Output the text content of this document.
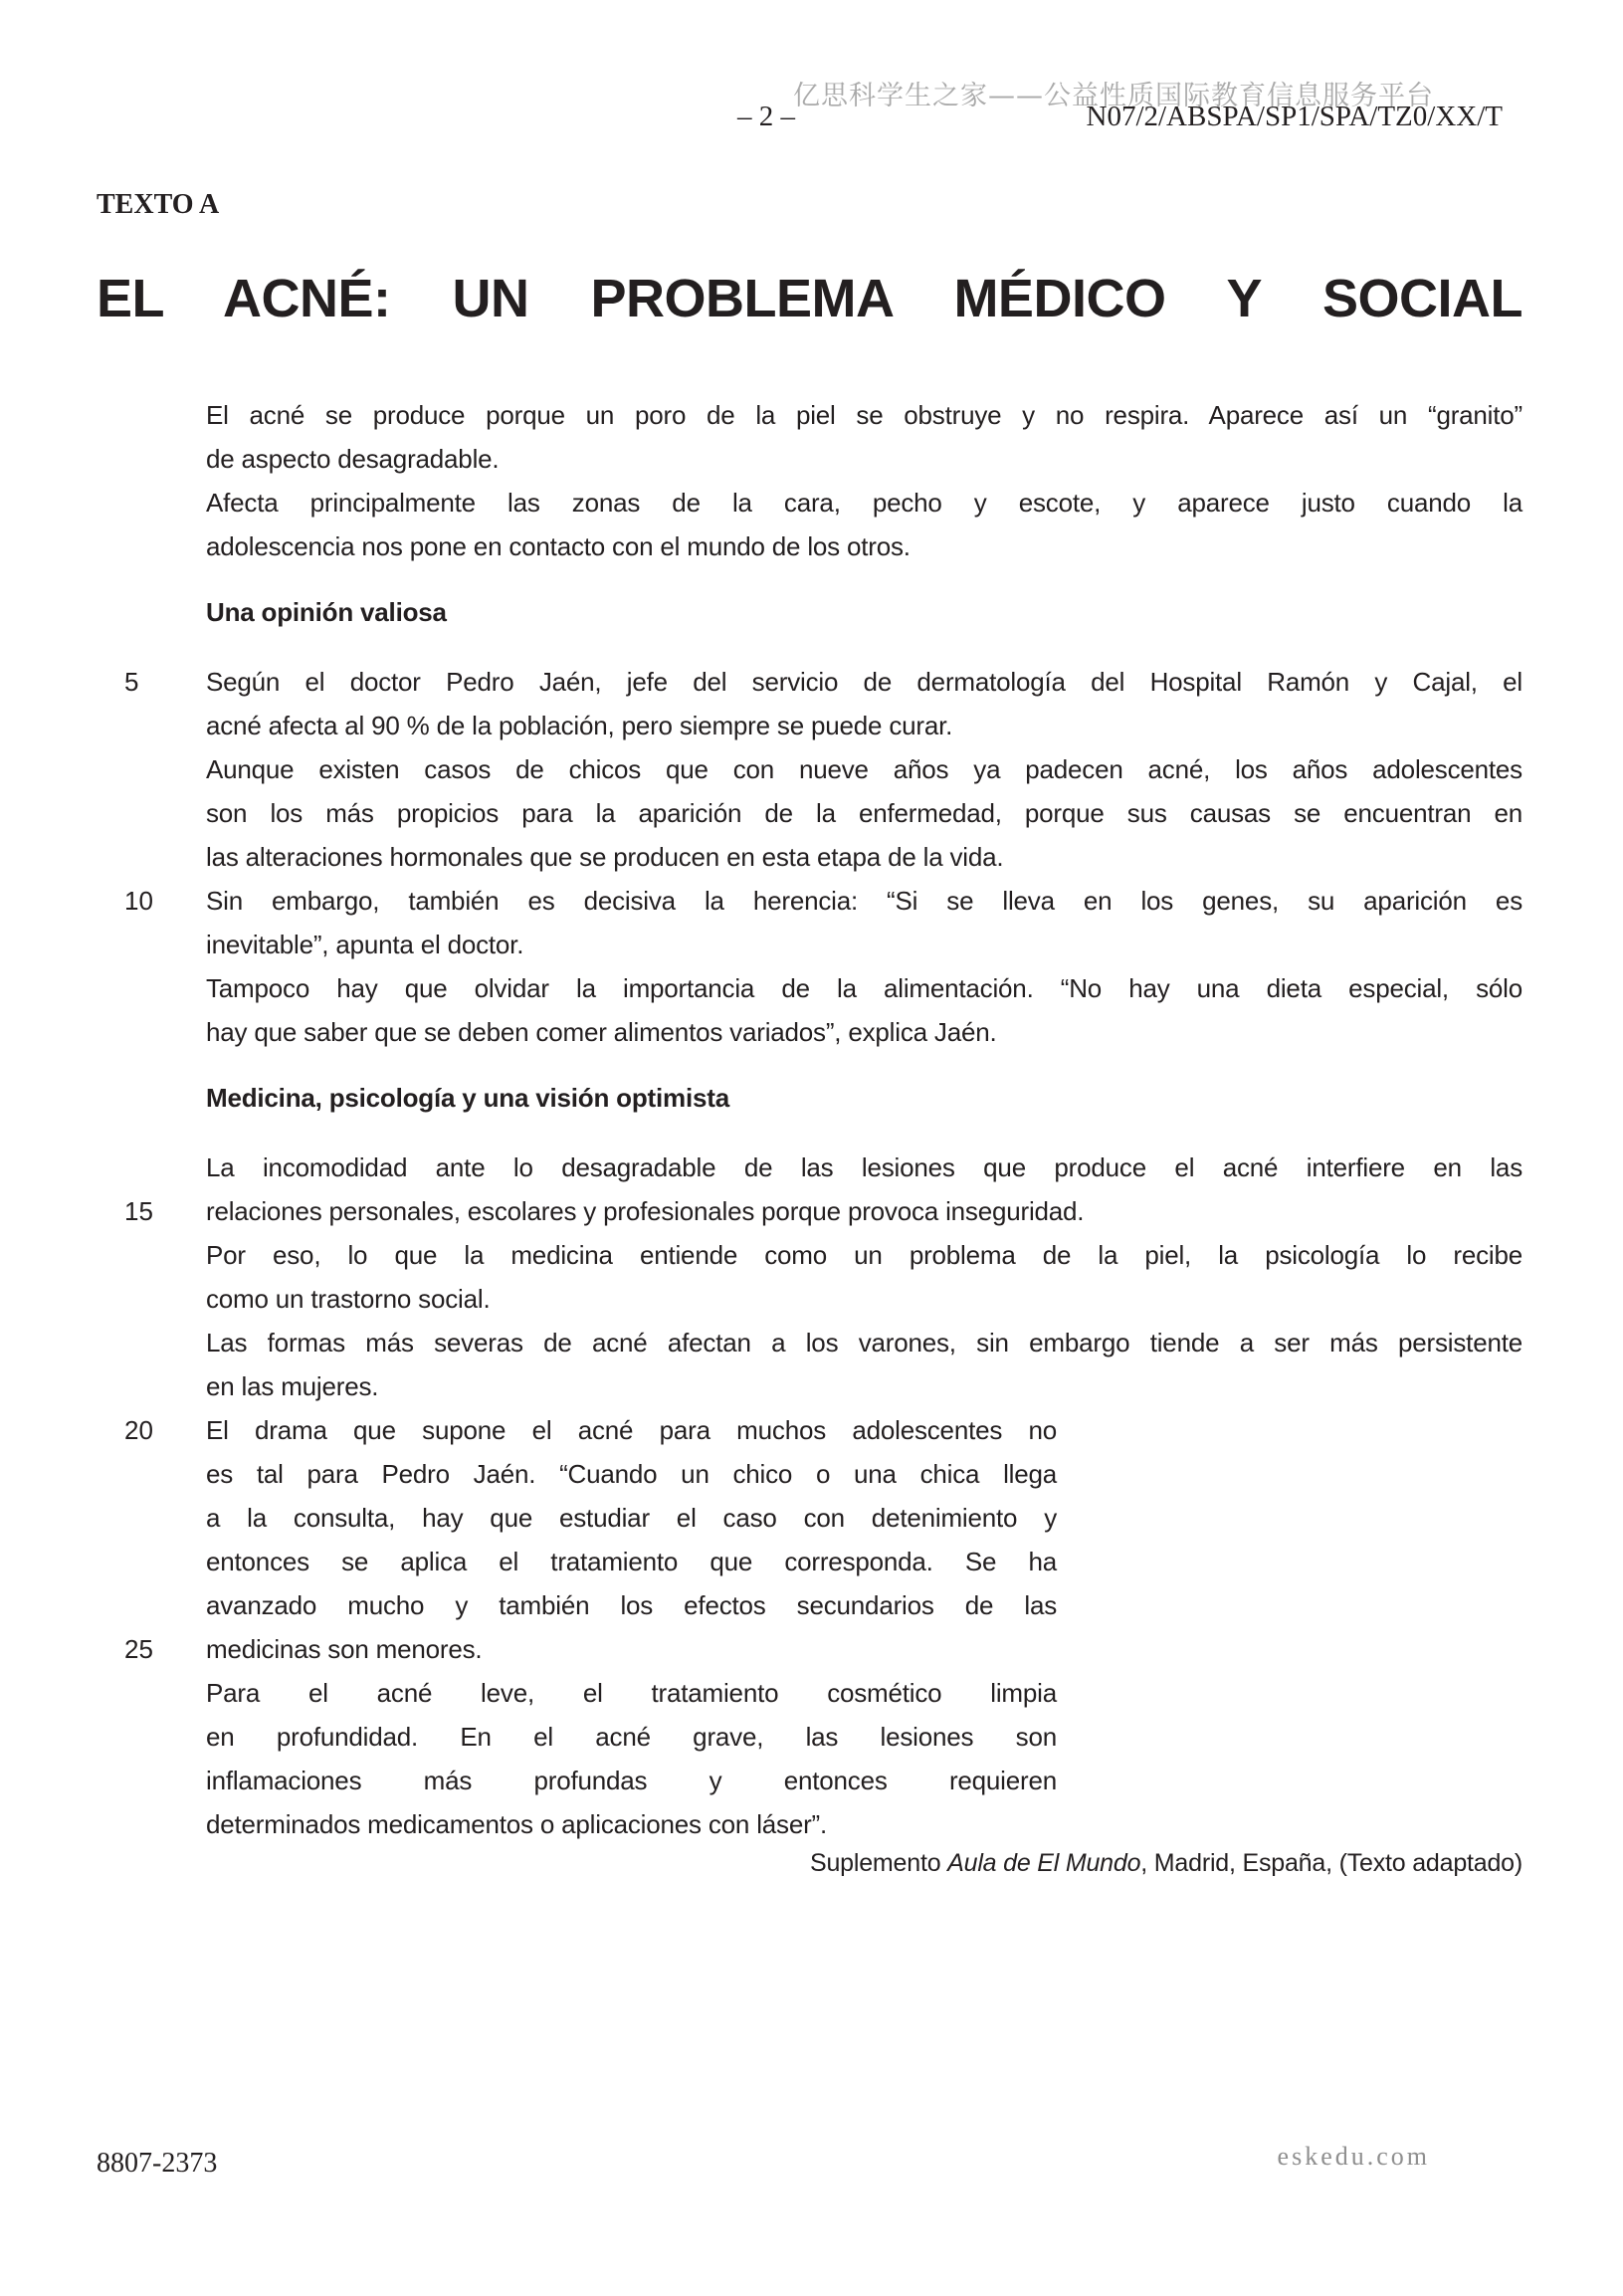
亿思科学生之家——公益性质国际教育信息服务平台
– 2 –	N07/2/ABSPA/SP1/SPA/TZ0/XX/T
TEXTO A
EL ACNÉ: UN PROBLEMA MÉDICO Y SOCIAL
El acné se produce porque un poro de la piel se obstruye y no respira. Aparece así un “granito”
de aspecto desagradable.
Afecta principalmente las zonas de la cara, pecho y escote, y aparece justo cuando la
adolescencia nos pone en contacto con el mundo de los otros.
Una opinión valiosa
5	Según el doctor Pedro Jaén, jefe del servicio de dermatología del Hospital Ramón y Cajal, el
acné afecta al 90 % de la población, pero siempre se puede curar.
Aunque existen casos de chicos que con nueve años ya padecen acné, los años adolescentes
son los más propicios para la aparición de la enfermedad, porque sus causas se encuentran en
las alteraciones hormonales que se producen en esta etapa de la vida.
10	Sin embargo, también es decisiva la herencia: “Si se lleva en los genes, su aparición es
inevitable”, apunta el doctor.
Tampoco hay que olvidar la importancia de la alimentación. “No hay una dieta especial, sólo
hay que saber que se deben comer alimentos variados”, explica Jaén.
Medicina, psicología y una visión optimista
La incomodidad ante lo desagradable de las lesiones que produce el acné interfiere en las
15	relaciones personales, escolares y profesionales porque provoca inseguridad.
Por eso, lo que la medicina entiende como un problema de la piel, la psicología lo recibe
como un trastorno social.
Las formas más severas de acné afectan a los varones, sin embargo tiende a ser más persistente
en las mujeres.
20	El drama que supone el acné para muchos adolescentes no
es tal para Pedro Jaén. “Cuando un chico o una chica llega
a la consulta, hay que estudiar el caso con detenimiento y
entonces se aplica el tratamiento que corresponda. Se ha
avanzado mucho y también los efectos secundarios de las
25	medicinas son menores.
Para el acné leve, el tratamiento cosmético limpia
en profundidad. En el acné grave, las lesiones son
inflamaciones más profundas y entonces requieren
determinados medicamentos o aplicaciones con láser”.
Suplemento Aula de El Mundo, Madrid, España, (Texto adaptado)
8807-2373	eskedu.com
